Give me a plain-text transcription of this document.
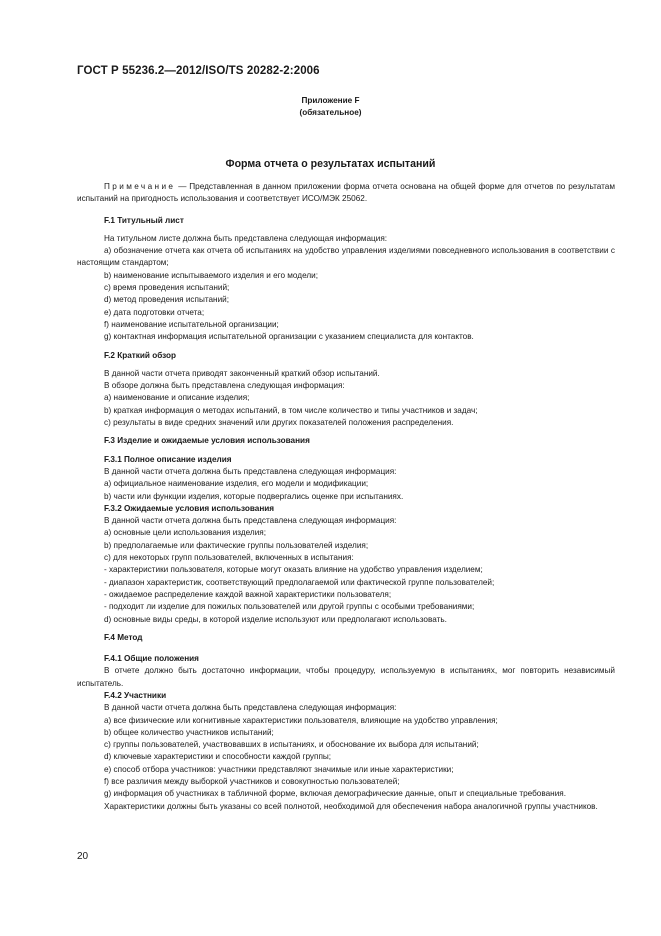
ГОСТ Р 55236.2—2012/ISO/TS 20282-2:2006
Приложение F
(обязательное)
Форма отчета о результатах испытаний

Примечание — Представленная в данном приложении форма отчета основана на общей форме для отчетов по результатам испытаний на пригодность использования и соответствует ИСО/МЭК 25062.

F.1 Титульный лист

На титульном листе должна быть представлена следующая информация:

a) обозначение отчета как отчета об испытаниях на удобство управления изделиями повседневного использования в соответствии с настоящим стандартом;

b) наименование испытываемого изделия и его модели;

c) время проведения испытаний;

d) метод проведения испытаний;

e) дата подготовки отчета;

f) наименование испытательной организации;

g) контактная информация испытательной организации с указанием специалиста для контактов.

F.2 Краткий обзор

В данной части отчета приводят законченный краткий обзор испытаний.

В обзоре должна быть представлена следующая информация:

a) наименование и описание изделия;

b) краткая информация о методах испытаний, в том числе количество и типы участников и задач;

c) результаты в виде средних значений или других показателей положения распределения.

F.3 Изделие и ожидаемые условия использования

F.3.1 Полное описание изделия

В данной части отчета должна быть представлена следующая информация:

a) официальное наименование изделия, его модели и модификации;

b) части или функции изделия, которые подвергались оценке при испытаниях.

F.3.2 Ожидаемые условия использования

В данной части отчета должна быть представлена следующая информация:

a) основные цели использования изделия;

b) предполагаемые или фактические группы пользователей изделия;

c) для некоторых групп пользователей, включенных в испытания:

- характеристики пользователя, которые могут оказать влияние на удобство управления изделием;

- диапазон характеристик, соответствующий предполагаемой или фактической группе пользователей;

- ожидаемое распределение каждой важной характеристики пользователя;

- подходит ли изделие для пожилых пользователей или другой группы с особыми требованиями;

d) основные виды среды, в которой изделие используют или предполагают использовать.

F.4 Метод

F.4.1 Общие положения

В отчете должно быть достаточно информации, чтобы процедуру, используемую в испытаниях, мог повторить независимый испытатель.

F.4.2 Участники

В данной части отчета должна быть представлена следующая информация:

a) все физические или когнитивные характеристики пользователя, влияющие на удобство управления;

b) общее количество участников испытаний;

c) группы пользователей, участвовавших в испытаниях, и обоснование их выбора для испытаний;

d) ключевые характеристики и способности каждой группы;

e) способ отбора участников: участники представляют значимые или иные характеристики;

f) все различия между выборкой участников и совокупностью пользователей;

g) информация об участниках в табличной форме, включая демографические данные, опыт и специальные требования.

Характеристики должны быть указаны со всей полнотой, необходимой для обеспечения набора аналогичной группы участников.

20
